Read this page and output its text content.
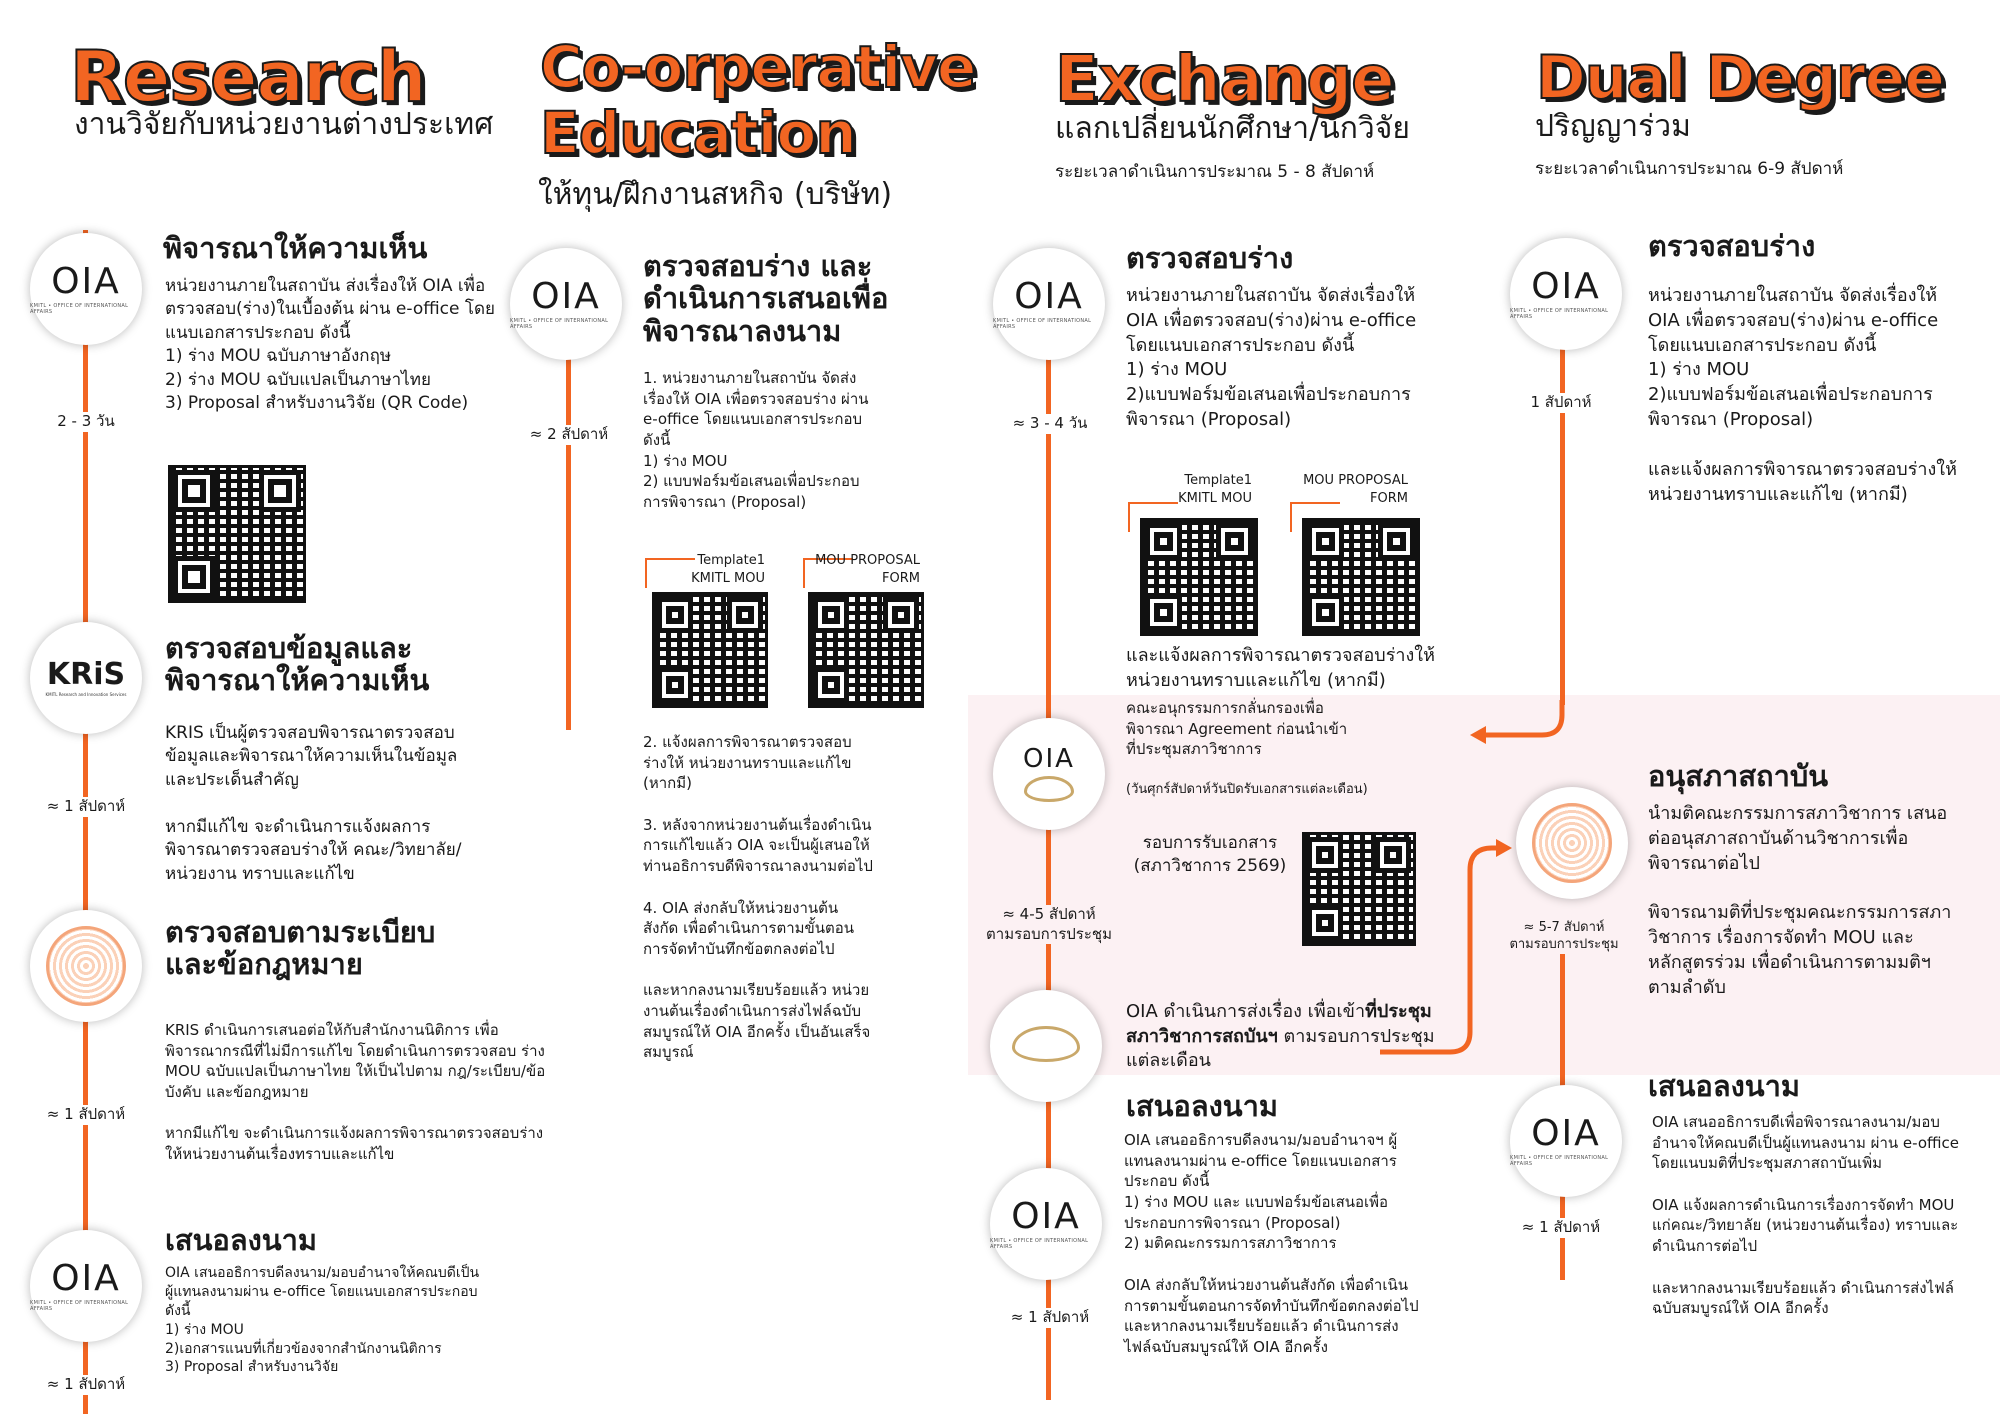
Research
งานวิจัยกับหน่วยงานต่างประเทศ
OIA
KMITL • OFFICE OF INTERNATIONAL AFFAIRS
พิจารณาให้ความเห็น
หน่วยงานภายในสถาบัน ส่งเรื่องให้ OIA เพื่อตรวจสอบ(ร่าง)ในเบื้องต้น ผ่าน e-office โดยแนบเอกสารประกอบ ดังนี้
1) ร่าง MOU ฉบับภาษาอังกฤษ
2) ร่าง MOU ฉบับแปลเป็นภาษาไทย
3) Proposal สำหรับงานวิจัย (QR Code)
2 - 3 วัน
KRiS
KMITL Research and Innovation Services
ตรวจสอบข้อมูลและพิจารณาให้ความเห็น
KRIS เป็นผู้ตรวจสอบพิจารณาตรวจสอบข้อมูลและพิจารณาให้ความเห็นในข้อมูลและประเด็นสำคัญ

หากมีแก้ไข จะดำเนินการแจ้งผลการพิจารณาตรวจสอบร่างให้ คณะ/วิทยาลัย/หน่วยงาน ทราบและแก้ไข
≈ 1 สัปดาห์
ตรวจสอบตามระเบียบและข้อกฎหมาย
KRIS ดำเนินการเสนอต่อให้กับสำนักงานนิติการ เพื่อพิจารณากรณีที่ไม่มีการแก้ไข โดยดำเนินการตรวจสอบ ร่าง MOU ฉบับแปลเป็นภาษาไทย ให้เป็นไปตาม กฎ/ระเบียบ/ข้อบังคับ และข้อกฎหมาย

หากมีแก้ไข จะดำเนินการแจ้งผลการพิจารณาตรวจสอบร่างให้หน่วยงานต้นเรื่องทราบและแก้ไข
≈ 1 สัปดาห์
OIA
KMITL • OFFICE OF INTERNATIONAL AFFAIRS
เสนอลงนาม
OIA เสนออธิการบดีลงนาม/มอบอำนาจให้คณบดีเป็นผู้แทนลงนามผ่าน e-office โดยแนบเอกสารประกอบ ดังนี้
1) ร่าง MOU
2)เอกสารแนบที่เกี่ยวข้องจากสำนักงานนิติการ
3) Proposal สำหรับงานวิจัย
≈ 1 สัปดาห์
Co-orperative
Education
ให้ทุน/ฝึกงานสหกิจ (บริษัท)
OIA
KMITL • OFFICE OF INTERNATIONAL AFFAIRS
ตรวจสอบร่าง และดำเนินการเสนอเพื่อพิจารณาลงนาม
≈ 2 สัปดาห์
1. หน่วยงานภายในสถาบัน จัดส่งเรื่องให้ OIA เพื่อตรวจสอบร่าง ผ่าน e-office โดยแนบเอกสารประกอบ ดังนี้
1) ร่าง MOU
2) แบบฟอร์มข้อเสนอเพื่อประกอบการพิจารณา (Proposal)
Template1
KMITL MOU
MOU PROPOSAL
FORM
2. แจ้งผลการพิจารณาตรวจสอบร่างให้ หน่วยงานทราบและแก้ไข (หากมี)

3. หลังจากหน่วยงานต้นเรื่องดำเนินการแก้ไขแล้ว OIA จะเป็นผู้เสนอให้ท่านอธิการบดีพิจารณาลงนามต่อไป

4. OIA ส่งกลับให้หน่วยงานต้นสังกัด เพื่อดำเนินการตามขั้นตอนการจัดทำบันทึกข้อตกลงต่อไป

และหากลงนามเรียบร้อยแล้ว หน่วยงานต้นเรื่องดำเนินการส่งไฟล์ฉบับสมบูรณ์ให้ OIA อีกครั้ง เป็นอันเสร็จสมบูรณ์
Exchange
แลกเปลี่ยนนักศึกษา/นักวิจัย
ระยะเวลาดำเนินการประมาณ 5 - 8 สัปดาห์
OIA
KMITL • OFFICE OF INTERNATIONAL AFFAIRS
ตรวจสอบร่าง
หน่วยงานภายในสถาบัน จัดส่งเรื่องให้ OIA เพื่อตรวจสอบ(ร่าง)ผ่าน e-office โดยแนบเอกสารประกอบ ดังนี้
1) ร่าง MOU
2)แบบฟอร์มข้อเสนอเพื่อประกอบการพิจารณา (Proposal)
≈ 3 - 4 วัน
Template1
KMITL MOU
MOU PROPOSAL
FORM
และแจ้งผลการพิจารณาตรวจสอบร่างให้หน่วยงานทราบและแก้ไข (หากมี)
คณะอนุกรรมการกลั่นกรองเพื่อพิจารณา Agreement ก่อนนำเข้าที่ประชุมสภาวิชาการ
(วันศุกร์สัปดาห์วันปิดรับเอกสารแต่ละเดือน)
OIA
รอบการรับเอกสาร
(สภาวิชาการ 2569)
≈ 4-5 สัปดาห์
ตามรอบการประชุม

OIA ดำเนินการส่งเรื่อง เพื่อเข้าที่ประชุมสภาวิชาการสถบันฯ ตามรอบการประชุมแต่ละเดือน

เสนอลงนาม
OIA เสนออธิการบดีลงนาม/มอบอำนาจฯ ผู้แทนลงนามผ่าน e-office โดยแนบเอกสารประกอบ ดังนี้
1) ร่าง MOU และ แบบฟอร์มข้อเสนอเพื่อประกอบการพิจารณา (Proposal)
2) มติคณะกรรมการสภาวิชาการ

OIA ส่งกลับให้หน่วยงานต้นสังกัด เพื่อดำเนินการตามขั้นตอนการจัดทำบันทึกข้อตกลงต่อไป และหากลงนามเรียบร้อยแล้ว ดำเนินการส่งไฟล์ฉบับสมบูรณ์ให้ OIA อีกครั้ง
OIA
KMITL • OFFICE OF INTERNATIONAL AFFAIRS
≈ 1 สัปดาห์
Dual Degree
ปริญญาร่วม
ระยะเวลาดำเนินการประมาณ 6-9 สัปดาห์
OIA
KMITL • OFFICE OF INTERNATIONAL AFFAIRS
ตรวจสอบร่าง
หน่วยงานภายในสถาบัน จัดส่งเรื่องให้ OIA เพื่อตรวจสอบ(ร่าง)ผ่าน e-office โดยแนบเอกสารประกอบ ดังนี้
1) ร่าง MOU
2)แบบฟอร์มข้อเสนอเพื่อประกอบการพิจารณา (Proposal)

และแจ้งผลการพิจารณาตรวจสอบร่างให้หน่วยงานทราบและแก้ไข (หากมี)
1 สัปดาห์
อนุสภาสถาบัน
นำมติคณะกรรมการสภาวิชาการ เสนอต่ออนุสภาสถาบันด้านวิชาการเพื่อพิจารณาต่อไป

พิจารณามติที่ประชุมคณะกรรมการสภาวิชาการ เรื่องการจัดทำ MOU และ หลักสูตรร่วม เพื่อดำเนินการตามมติฯ ตามลำดับ
≈ 5-7 สัปดาห์
ตามรอบการประชุม
เสนอลงนาม
OIA เสนออธิการบดีเพื่อพิจารณาลงนาม/มอบอำนาจให้คณบดีเป็นผู้แทนลงนาม ผ่าน e-office โดยแนบมติที่ประชุมสภาสถาบันเพิ่ม

OIA แจ้งผลการดำเนินการเรื่องการจัดทำ MOU แก่คณะ/วิทยาลัย (หน่วยงานต้นเรื่อง) ทราบและดำเนินการต่อไป

และหากลงนามเรียบร้อยแล้ว ดำเนินการส่งไฟล์ฉบับสมบูรณ์ให้ OIA อีกครั้ง
OIA
KMITL • OFFICE OF INTERNATIONAL AFFAIRS
≈ 1 สัปดาห์
